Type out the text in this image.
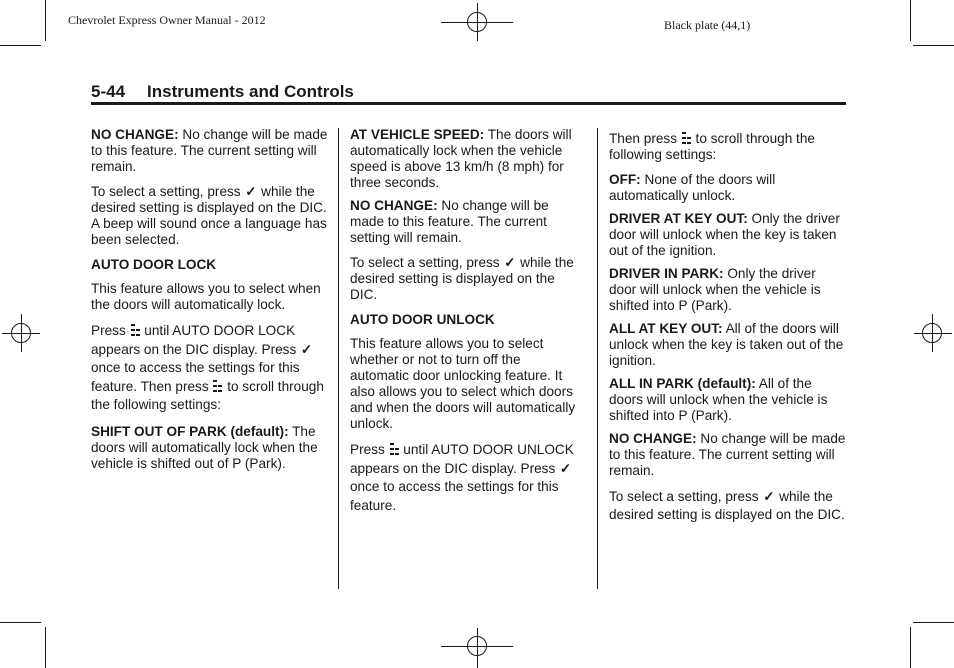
Chevrolet Express Owner Manual - 2012	Black plate (44,1)
5-44 Instruments and Controls

NO CHANGE: No change will be made to this feature. The current setting will remain.

To select a setting, press ✓ while the desired setting is displayed on the DIC. A beep will sound once a language has been selected.

AUTO DOOR LOCK

This feature allows you to select when the doors will automatically lock.

Press
until AUTO DOOR LOCK appears on the DIC display. Press ✓ once to access the settings for this feature. Then press
to scroll through the following settings:

SHIFT OUT OF PARK (default): The doors will automatically lock when the vehicle is shifted out of P (Park).

AT VEHICLE SPEED: The doors will automatically lock when the vehicle speed is above 13 km/h (8 mph) for three seconds.

NO CHANGE: No change will be made to this feature. The current setting will remain.

To select a setting, press ✓ while the desired setting is displayed on the DIC.

AUTO DOOR UNLOCK

This feature allows you to select whether or not to turn off the automatic door unlocking feature. It also allows you to select which doors and when the doors will automatically unlock.

Press
until AUTO DOOR UNLOCK appears on the DIC display. Press ✓ once to access the settings for this feature.

Then press
to scroll through the following settings:

OFF: None of the doors will automatically unlock.

DRIVER AT KEY OUT: Only the driver door will unlock when the key is taken out of the ignition.

DRIVER IN PARK: Only the driver door will unlock when the vehicle is shifted into P (Park).

ALL AT KEY OUT: All of the doors will unlock when the key is taken out of the ignition.

ALL IN PARK (default): All of the doors will unlock when the vehicle is shifted into P (Park).

NO CHANGE: No change will be made to this feature. The current setting will remain.

To select a setting, press ✓ while the desired setting is displayed on the DIC.
